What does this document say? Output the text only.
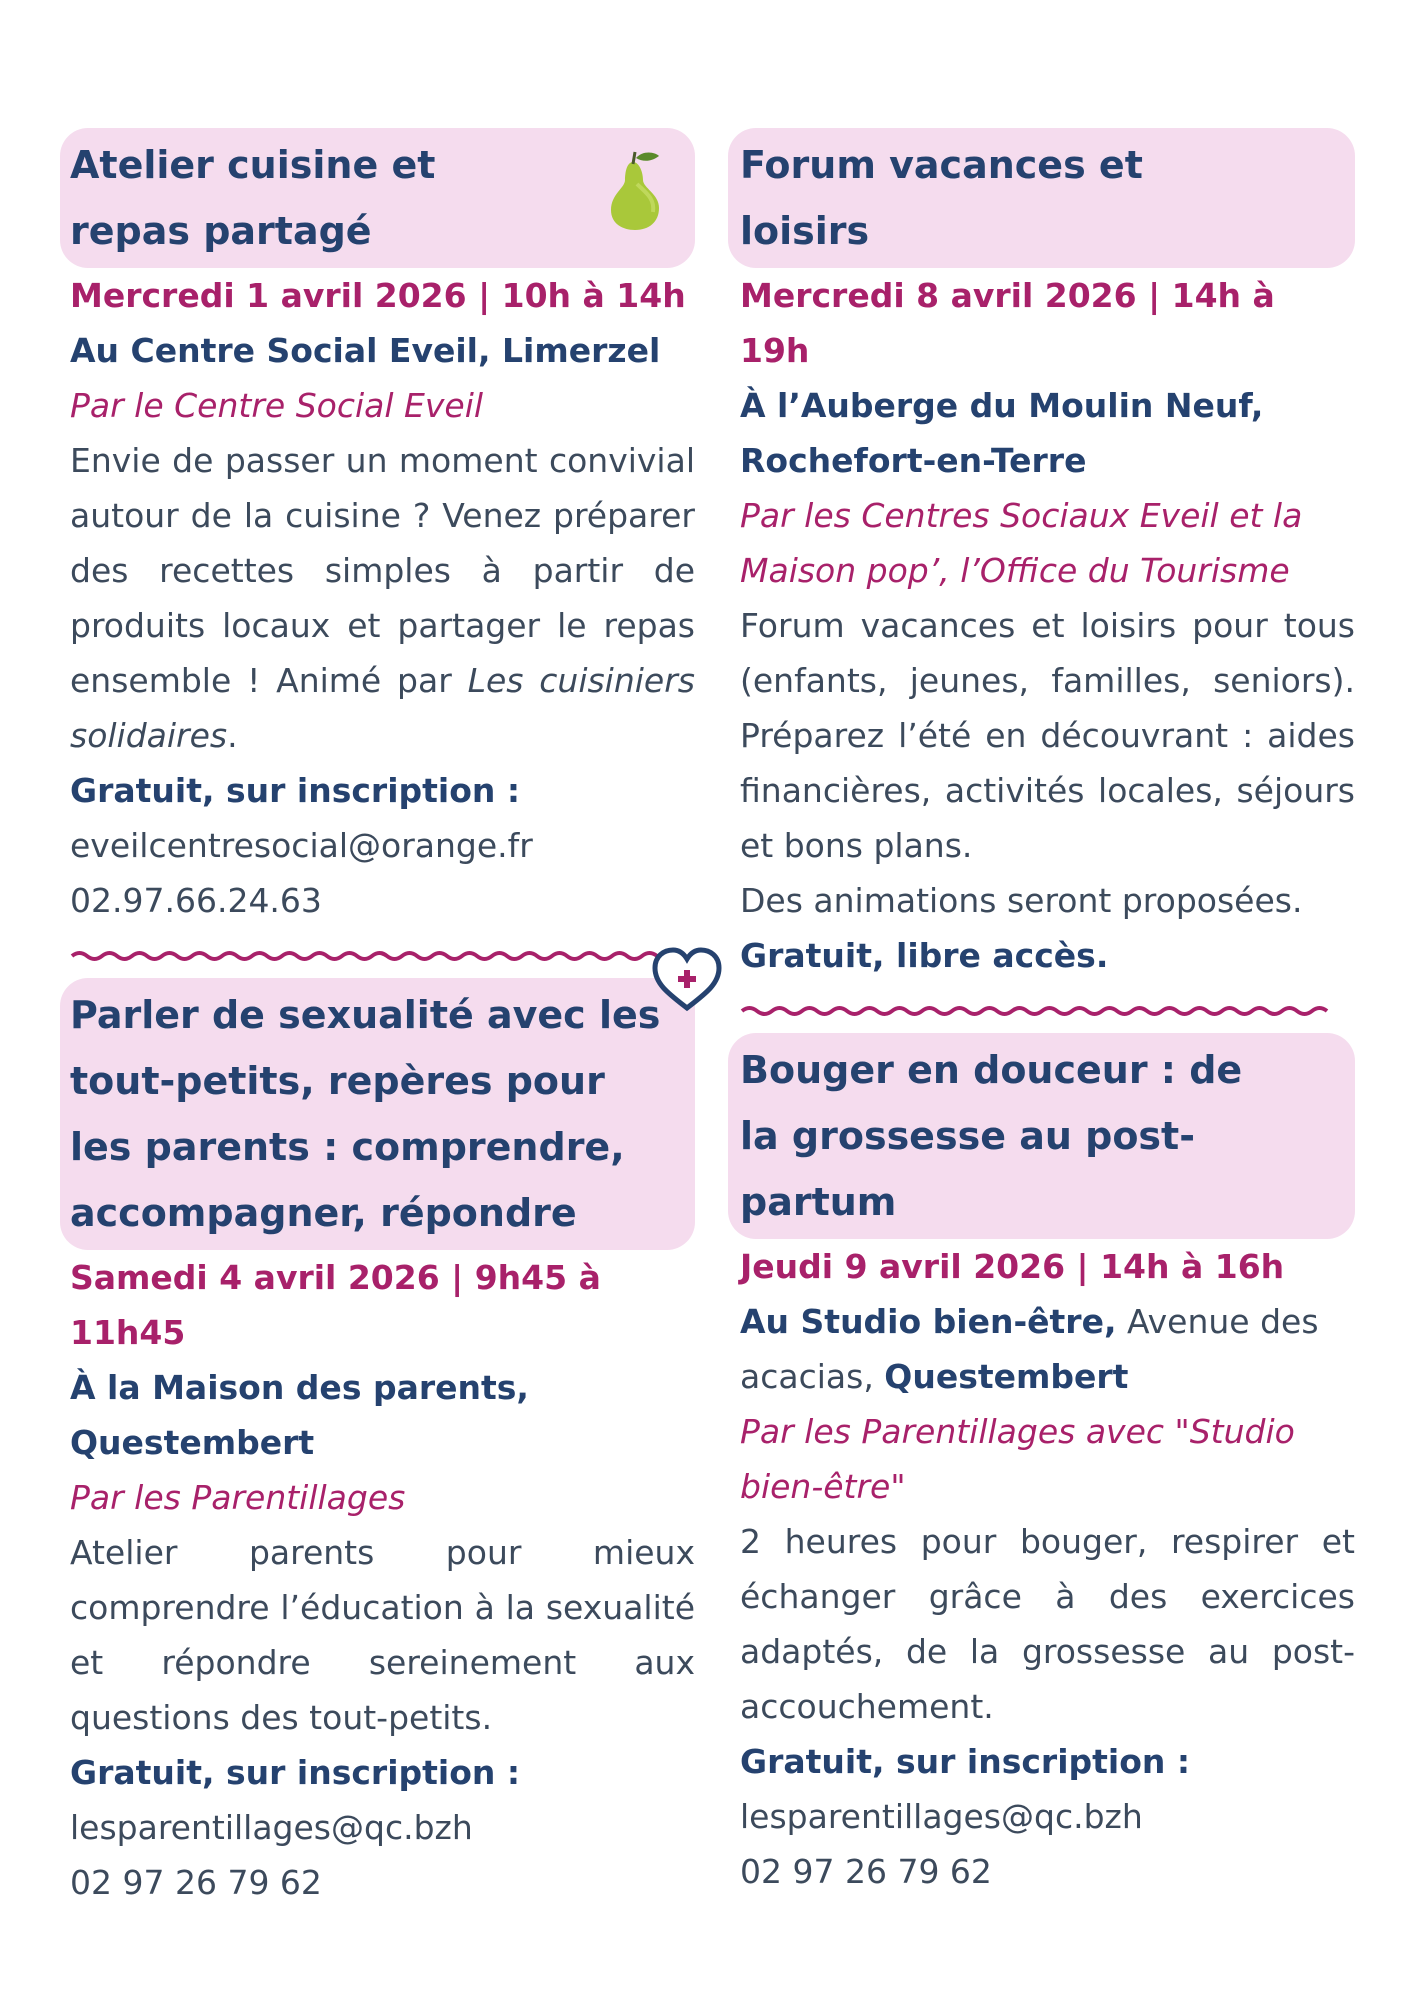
Atelier cuisine et repas partagé
Mercredi 1 avril 2026 | 10h à 14h
Au Centre Social Eveil, Limerzel
Par le Centre Social Eveil
Envie de passer un moment convivial autour de la cuisine ? Venez préparer des recettes simples à partir de produits locaux et partager le repas ensemble ! Animé par Les cuisiniers solidaires.
Gratuit, sur inscription :
eveilcentresocial@orange.fr
02.97.66.24.63
Parler de sexualité avec les tout-petits, repères pour les parents : comprendre, accompagner, répondre
Samedi 4 avril 2026 | 9h45 à 11h45
À la Maison des parents, Questembert
Par les Parentillages
Atelier parents pour mieux comprendre l’éducation à la sexualité et répondre sereinement aux questions des tout-petits.
Gratuit, sur inscription :
lesparentillages@qc.bzh
02 97 26 79 62
Forum vacances et loisirs
Mercredi 8 avril 2026 | 14h à 19h
À l’Auberge du Moulin Neuf, Rochefort-en-Terre
Par les Centres Sociaux Eveil et la Maison pop’, l’Office du Tourisme
Forum vacances et loisirs pour tous (enfants, jeunes, familles, seniors). Préparez l’été en découvrant : aides financières, activités locales, séjours et bons plans.
Des animations seront proposées.
Gratuit, libre accès.
Bouger en douceur : de la grossesse au post-partum
Jeudi 9 avril 2026 | 14h à 16h
Au Studio bien-être, Avenue des acacias, Questembert
Par les Parentillages avec "Studio bien-être"
2 heures pour bouger, respirer et échanger grâce à des exercices adaptés, de la grossesse au post-accouchement.
Gratuit, sur inscription :
lesparentillages@qc.bzh
02 97 26 79 62
